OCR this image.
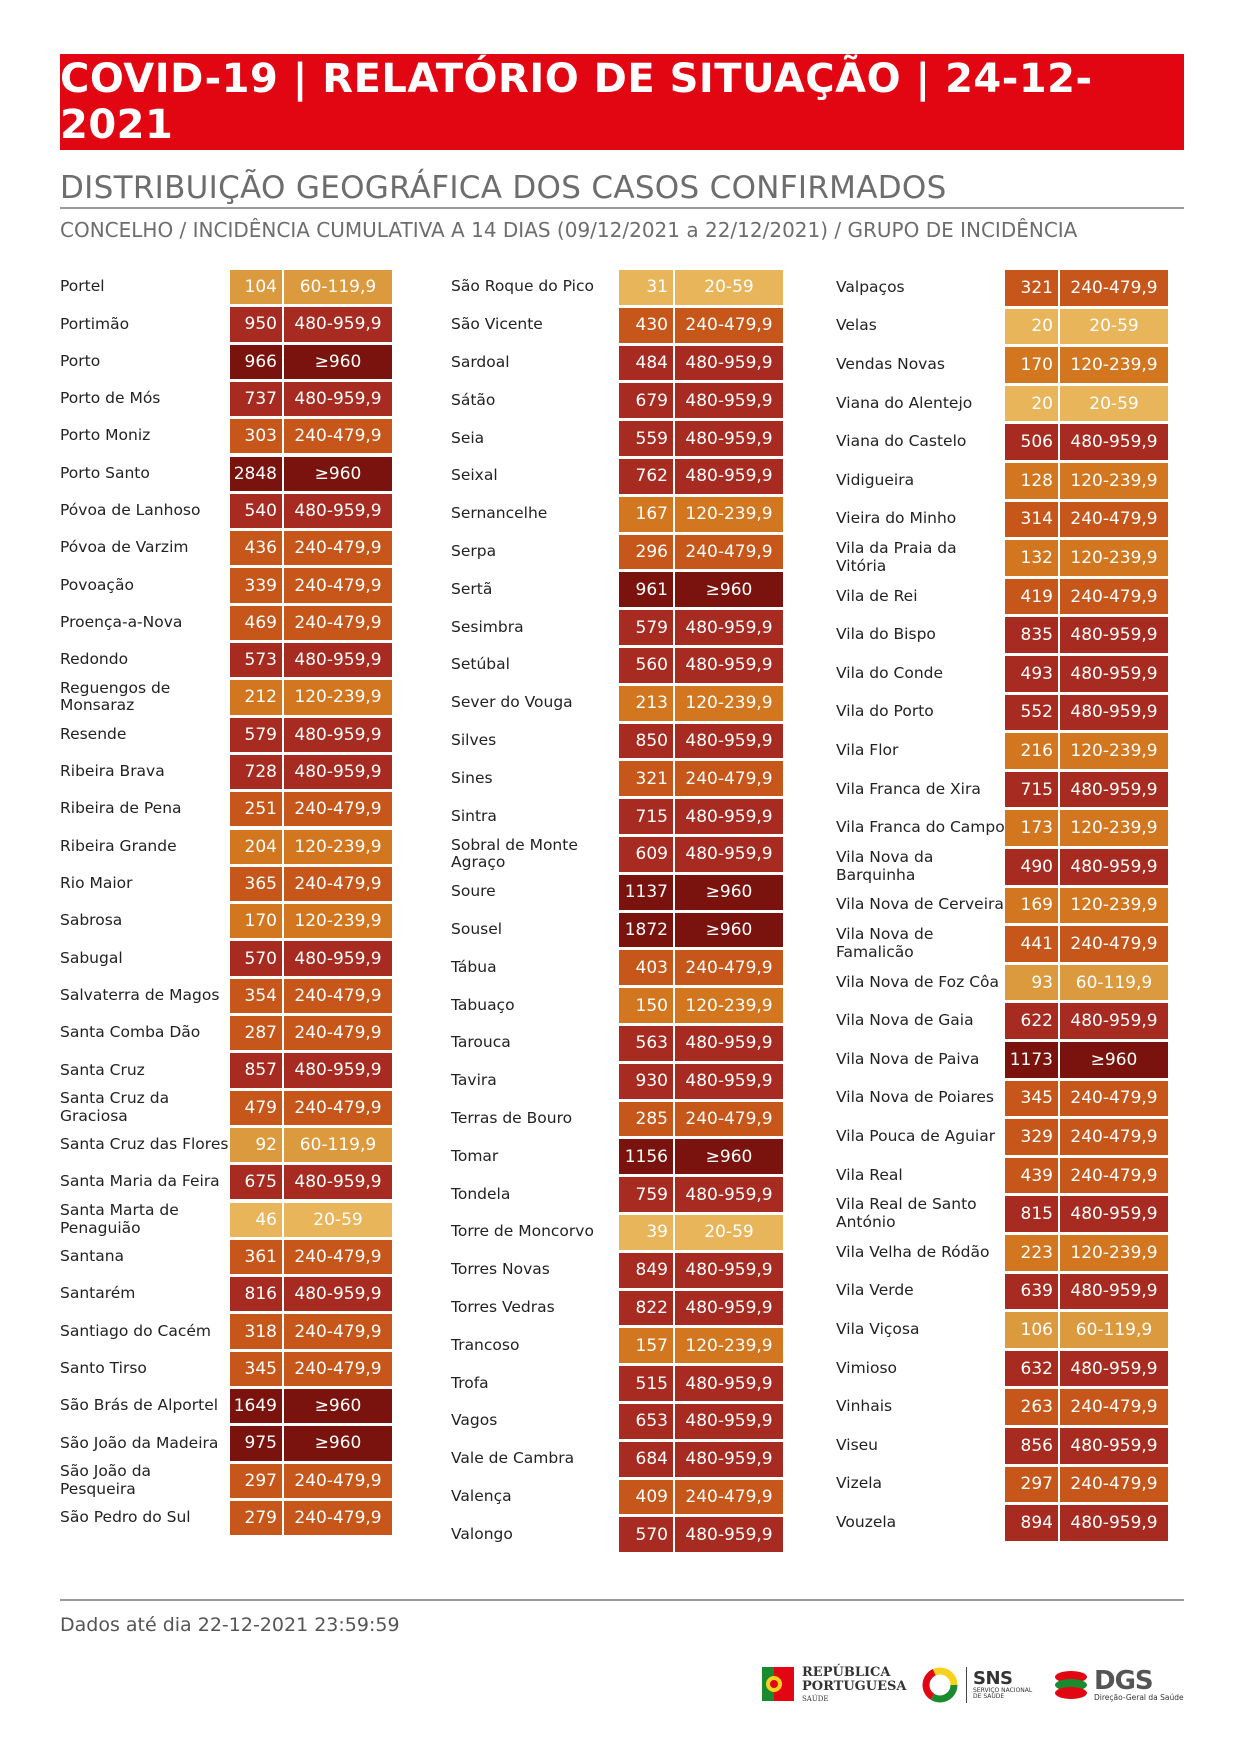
COVID-19 | RELATÓRIO DE SITUAÇÃO | 24-12-2021
DISTRIBUIÇÃO GEOGRÁFICA DOS CASOS CONFIRMADOS
CONCELHO / INCIDÊNCIA CUMULATIVA A 14 DIAS (09/12/2021 a 22/12/2021) / GRUPO DE INCIDÊNCIA
Portel	104	60-119,9
Portimão	950	480-959,9
Porto	966	≥960
Porto de Mós	737	480-959,9
Porto Moniz	303	240-479,9
Porto Santo	2848	≥960
Póvoa de Lanhoso	540	480-959,9
Póvoa de Varzim	436	240-479,9
Povoação	339	240-479,9
Proença-a-Nova	469	240-479,9
Redondo	573	480-959,9
Reguengos de Monsaraz	212	120-239,9
Resende	579	480-959,9
Ribeira Brava	728	480-959,9
Ribeira de Pena	251	240-479,9
Ribeira Grande	204	120-239,9
Rio Maior	365	240-479,9
Sabrosa	170	120-239,9
Sabugal	570	480-959,9
Salvaterra de Magos	354	240-479,9
Santa Comba Dão	287	240-479,9
Santa Cruz	857	480-959,9
Santa Cruz da Graciosa	479	240-479,9
Santa Cruz das Flores	92	60-119,9
Santa Maria da Feira	675	480-959,9
Santa Marta de Penaguião	46	20-59
Santana	361	240-479,9
Santarém	816	480-959,9
Santiago do Cacém	318	240-479,9
Santo Tirso	345	240-479,9
São Brás de Alportel 1649	≥960
São João da Madeira	975	≥960
São João da Pesqueira	297	240-479,9
São Pedro do Sul	279	240-479,9
São Roque do Pico	31	20-59
São Vicente	430	240-479,9
Sardoal	484	480-959,9
Sátão	679	480-959,9
Seia	559	480-959,9
Seixal	762	480-959,9
Sernancelhe	167	120-239,9
Serpa	296	240-479,9
Sertã	961	≥960
Sesimbra	579	480-959,9
Setúbal	560	480-959,9
Sever do Vouga	213	120-239,9
Silves	850	480-959,9
Sines	321	240-479,9
Sintra	715	480-959,9
Sobral de Monte Agraço	609	480-959,9
Soure	1137	≥960
Sousel	1872	≥960
Tábua	403	240-479,9
Tabuaço	150	120-239,9
Tarouca	563	480-959,9
Tavira	930	480-959,9
Terras de Bouro	285	240-479,9
Tomar	1156	≥960
Tondela	759	480-959,9
Torre de Moncorvo	39	20-59
Torres Novas	849	480-959,9
Torres Vedras	822	480-959,9
Trancoso	157	120-239,9
Trofa	515	480-959,9
Vagos	653	480-959,9
Vale de Cambra	684	480-959,9
Valença	409	240-479,9
Valongo	570	480-959,9
Valpaços	321	240-479,9
Velas	20	20-59
Vendas Novas	170	120-239,9
Viana do Alentejo	20	20-59
Viana do Castelo	506	480-959,9
Vidigueira	128	120-239,9
Vieira do Minho	314	240-479,9
Vila da Praia da Vitória	132	120-239,9
Vila de Rei	419	240-479,9
Vila do Bispo	835	480-959,9
Vila do Conde	493	480-959,9
Vila do Porto	552	480-959,9
Vila Flor	216	120-239,9
Vila Franca de Xira	715	480-959,9
Vila Franca do Campo 173	120-239,9
Vila Nova da Barquinha	490	480-959,9
Vila Nova de Cerveira 169	120-239,9
Vila Nova de Famalicão	441	240-479,9
Vila Nova de Foz Côa	93	60-119,9
Vila Nova de Gaia	622	480-959,9
Vila Nova de Paiva	1173	≥960
Vila Nova de Poiares	345	240-479,9
Vila Pouca de Aguiar	329	240-479,9
Vila Real	439	240-479,9
Vila Real de Santo António	815	480-959,9
Vila Velha de Ródão	223	120-239,9
Vila Verde	639	480-959,9
Vila Viçosa	106	60-119,9
Vimioso	632	480-959,9
Vinhais	263	240-479,9
Viseu	856	480-959,9
Vizela	297	240-479,9
Vouzela	894	480-959,9
Dados até dia 22-12-2021 23:59:59
REPÚBLICA
PORTUGUESA
SAÚDE
SNS
SERVIÇO NACIONAL
DE SAÚDE
DGS
Direção-Geral da Saúde
